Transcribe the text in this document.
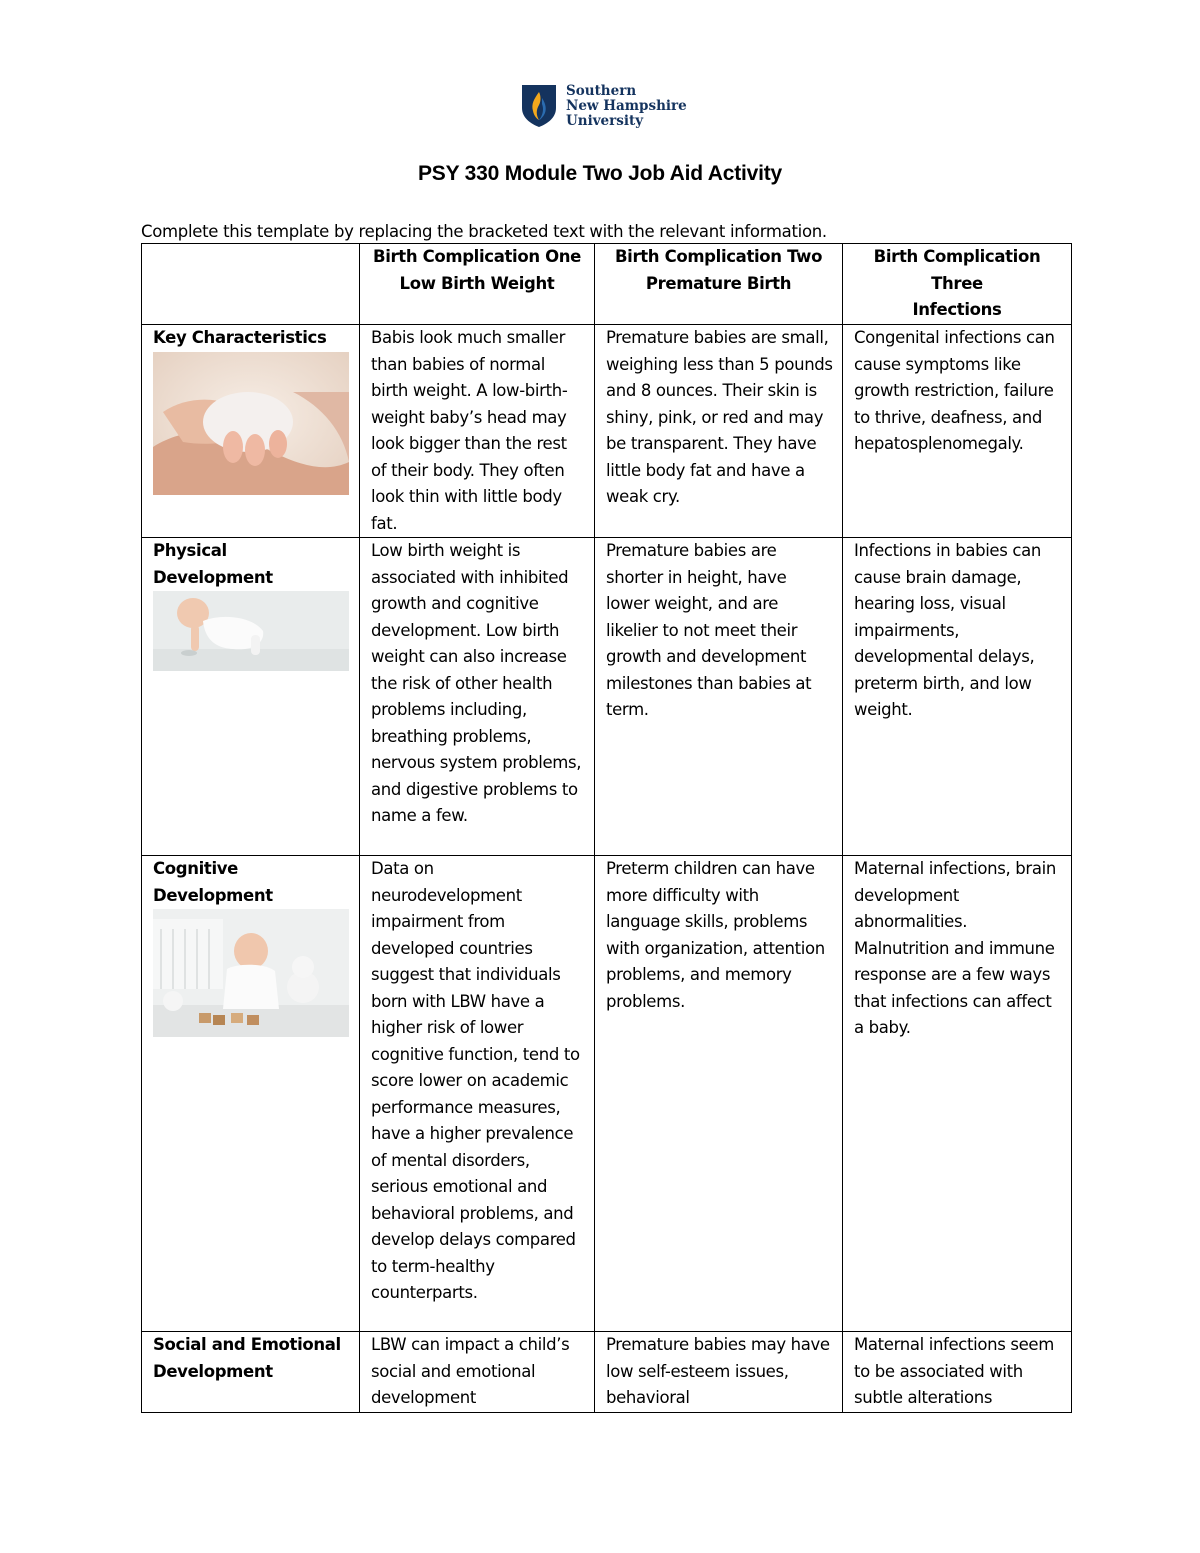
Southern
New Hampshire
University
PSY 330 Module Two Job Aid Activity

Complete this template by replacing the bracketed text with the relevant information.

	Birth Complication One
Low Birth Weight	Birth Complication Two
Premature Birth	Birth Complication
Three
Infections

Key Characteristics	Babis look much smaller than babies of normal birth weight. A low-birth-weight baby’s head may look bigger than the rest of their body. They often look thin with little body fat.	Premature babies are small, weighing less than 5 pounds and 8 ounces. Their skin is shiny, pink, or red and may be transparent. They have little body fat and have a weak cry.	Congenital infections can cause symptoms like growth restriction, failure to thrive, deafness, and hepatosplenomegaly.

Physical
Development	Low birth weight is associated with inhibited growth and cognitive development. Low birth weight can also increase the risk of other health problems including, breathing problems, nervous system problems, and digestive problems to name a few.	Premature babies are shorter in height, have lower weight, and are likelier to not meet their growth and development milestones than babies at term.	Infections in babies can cause brain damage, hearing loss, visual impairments, developmental delays, preterm birth, and low weight.

Cognitive
Development	Data on neurodevelopment impairment from developed countries suggest that individuals born with LBW have a higher risk of lower cognitive function, tend to score lower on academic performance measures, have a higher prevalence of mental disorders, serious emotional and behavioral problems, and develop delays compared to term-healthy counterparts.	Preterm children can have more difficulty with language skills, problems with organization, attention problems, and memory problems.	Maternal infections, brain development abnormalities. Malnutrition and immune response are a few ways that infections can affect a baby.

Social and Emotional
Development	LBW can impact a child’s social and emotional development	Premature babies may have low self-esteem issues, behavioral	Maternal infections seem to be associated with subtle alterations
